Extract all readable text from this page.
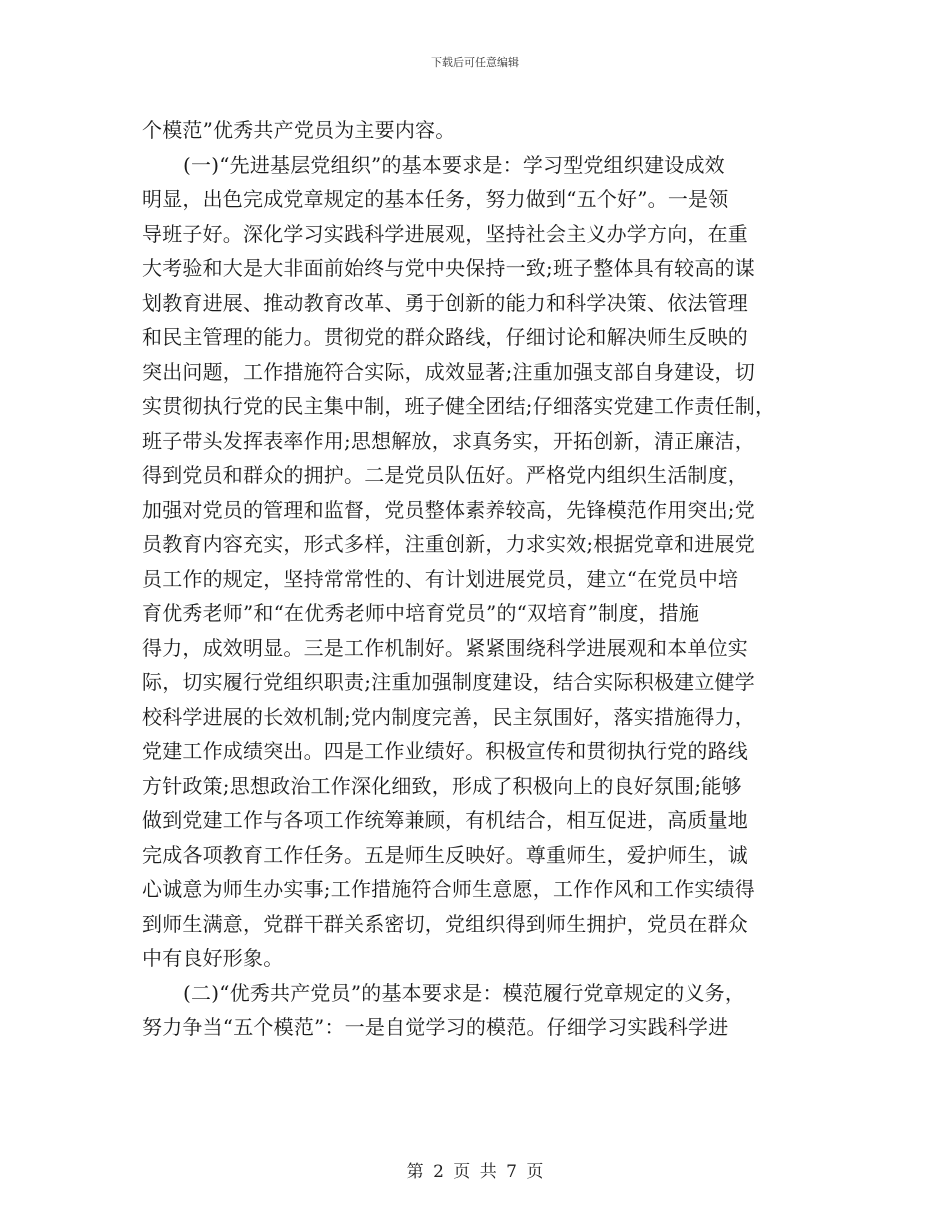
下载后可任意编辑
个模范”优秀共产党员为主要内容。
(一)“先进基层党组织”的基本要求是：学习型党组织建设成效
明显，出色完成党章规定的基本任务，努力做到“五个好”。一是领
导班子好。深化学习实践科学进展观，坚持社会主义办学方向，在重
大考验和大是大非面前始终与党中央保持一致;班子整体具有较高的谋
划教育进展、推动教育改革、勇于创新的能力和科学决策、依法管理
和民主管理的能力。贯彻党的群众路线，仔细讨论和解决师生反映的
突出问题，工作措施符合实际，成效显著;注重加强支部自身建设，切
实贯彻执行党的民主集中制，班子健全团结;仔细落实党建工作责任制，
班子带头发挥表率作用;思想解放，求真务实，开拓创新，清正廉洁，
得到党员和群众的拥护。二是党员队伍好。严格党内组织生活制度，
加强对党员的管理和监督，党员整体素养较高，先锋模范作用突出;党
员教育内容充实，形式多样，注重创新，力求实效;根据党章和进展党
员工作的规定，坚持常常性的、有计划进展党员，建立“在党员中培
育优秀老师”和“在优秀老师中培育党员”的“双培育”制度，措施
得力，成效明显。三是工作机制好。紧紧围绕科学进展观和本单位实
际，切实履行党组织职责;注重加强制度建设，结合实际积极建立健学
校科学进展的长效机制;党内制度完善，民主氛围好，落实措施得力，
党建工作成绩突出。四是工作业绩好。积极宣传和贯彻执行党的路线
方针政策;思想政治工作深化细致，形成了积极向上的良好氛围;能够
做到党建工作与各项工作统筹兼顾，有机结合，相互促进，高质量地
完成各项教育工作任务。五是师生反映好。尊重师生，爱护师生，诚
心诚意为师生办实事;工作措施符合师生意愿，工作作风和工作实绩得
到师生满意，党群干群关系密切，党组织得到师生拥护，党员在群众
中有良好形象。
(二)“优秀共产党员”的基本要求是：模范履行党章规定的义务，
努力争当“五个模范”：一是自觉学习的模范。仔细学习实践科学进
第 2 页 共 7 页
